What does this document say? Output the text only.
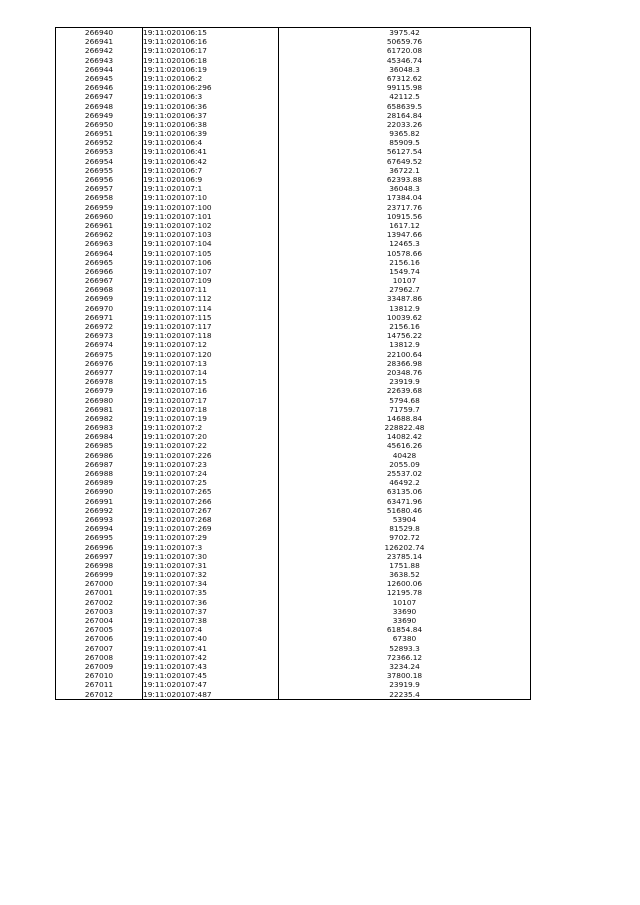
266940	19:11:020106:15	3975.42
266941	19:11:020106:16	50659.76
266942	19:11:020106:17	61720.08
266943	19:11:020106:18	45346.74
266944	19:11:020106:19	36048.3
266945	19:11:020106:2	67312.62
266946	19:11:020106:296	99115.98
266947	19:11:020106:3	42112.5
266948	19:11:020106:36	658639.5
266949	19:11:020106:37	28164.84
266950	19:11:020106:38	22033.26
266951	19:11:020106:39	9365.82
266952	19:11:020106:4	85909.5
266953	19:11:020106:41	56127.54
266954	19:11:020106:42	67649.52
266955	19:11:020106:7	36722.1
266956	19:11:020106:9	62393.88
266957	19:11:020107:1	36048.3
266958	19:11:020107:10	17384.04
266959	19:11:020107:100	23717.76
266960	19:11:020107:101	10915.56
266961	19:11:020107:102	1617.12
266962	19:11:020107:103	13947.66
266963	19:11:020107:104	12465.3
266964	19:11:020107:105	10578.66
266965	19:11:020107:106	2156.16
266966	19:11:020107:107	1549.74
266967	19:11:020107:109	10107
266968	19:11:020107:11	27962.7
266969	19:11:020107:112	33487.86
266970	19:11:020107:114	13812.9
266971	19:11:020107:115	10039.62
266972	19:11:020107:117	2156.16
266973	19:11:020107:118	14756.22
266974	19:11:020107:12	13812.9
266975	19:11:020107:120	22100.64
266976	19:11:020107:13	28366.98
266977	19:11:020107:14	20348.76
266978	19:11:020107:15	23919.9
266979	19:11:020107:16	22639.68
266980	19:11:020107:17	5794.68
266981	19:11:020107:18	71759.7
266982	19:11:020107:19	14688.84
266983	19:11:020107:2	228822.48
266984	19:11:020107:20	14082.42
266985	19:11:020107:22	45616.26
266986	19:11:020107:226	40428
266987	19:11:020107:23	2055.09
266988	19:11:020107:24	25537.02
266989	19:11:020107:25	46492.2
266990	19:11:020107:265	63135.06
266991	19:11:020107:266	63471.96
266992	19:11:020107:267	51680.46
266993	19:11:020107:268	53904
266994	19:11:020107:269	81529.8
266995	19:11:020107:29	9702.72
266996	19:11:020107:3	126202.74
266997	19:11:020107:30	23785.14
266998	19:11:020107:31	1751.88
266999	19:11:020107:32	3638.52
267000	19:11:020107:34	12600.06
267001	19:11:020107:35	12195.78
267002	19:11:020107:36	10107
267003	19:11:020107:37	33690
267004	19:11:020107:38	33690
267005	19:11:020107:4	61854.84
267006	19:11:020107:40	67380
267007	19:11:020107:41	52893.3
267008	19:11:020107:42	72366.12
267009	19:11:020107:43	3234.24
267010	19:11:020107:45	37800.18
267011	19:11:020107:47	23919.9
267012	19:11:020107:487	22235.4
